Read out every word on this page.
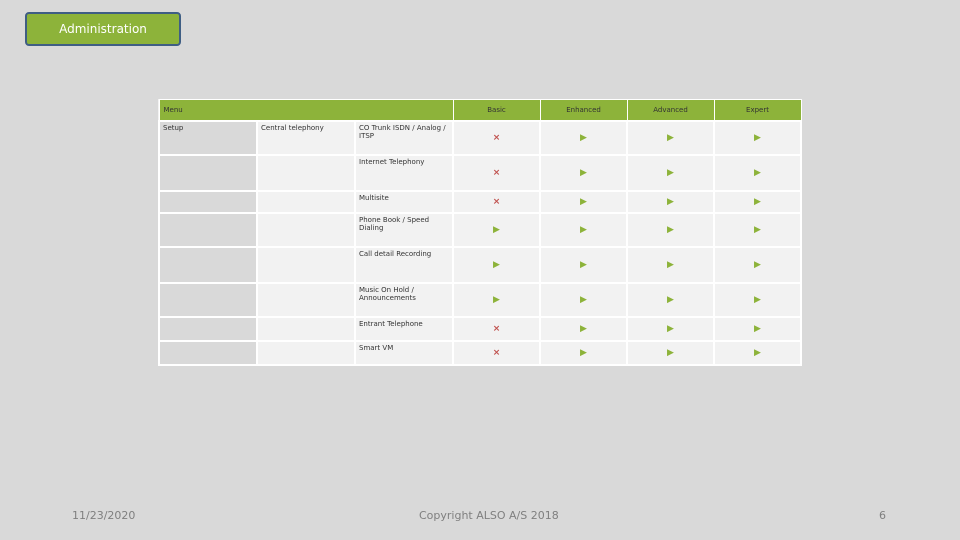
Administration
Menu			Basic	Enhanced	Advanced	Expert
Setup	Central telephony	CO Trunk ISDN / Analog / ITSP	×	▶	▶	▶
		Internet Telephony	×	▶	▶	▶
		Multisite	×	▶	▶	▶
		Phone Book / Speed Dialing	▶	▶	▶	▶
		Call detail Recording	▶	▶	▶	▶
		Music On Hold / Announcements	▶	▶	▶	▶
		Entrant Telephone	×	▶	▶	▶
		Smart VM	×	▶	▶	▶
11/23/2020	Copyright ALSO A/S 2018	6
